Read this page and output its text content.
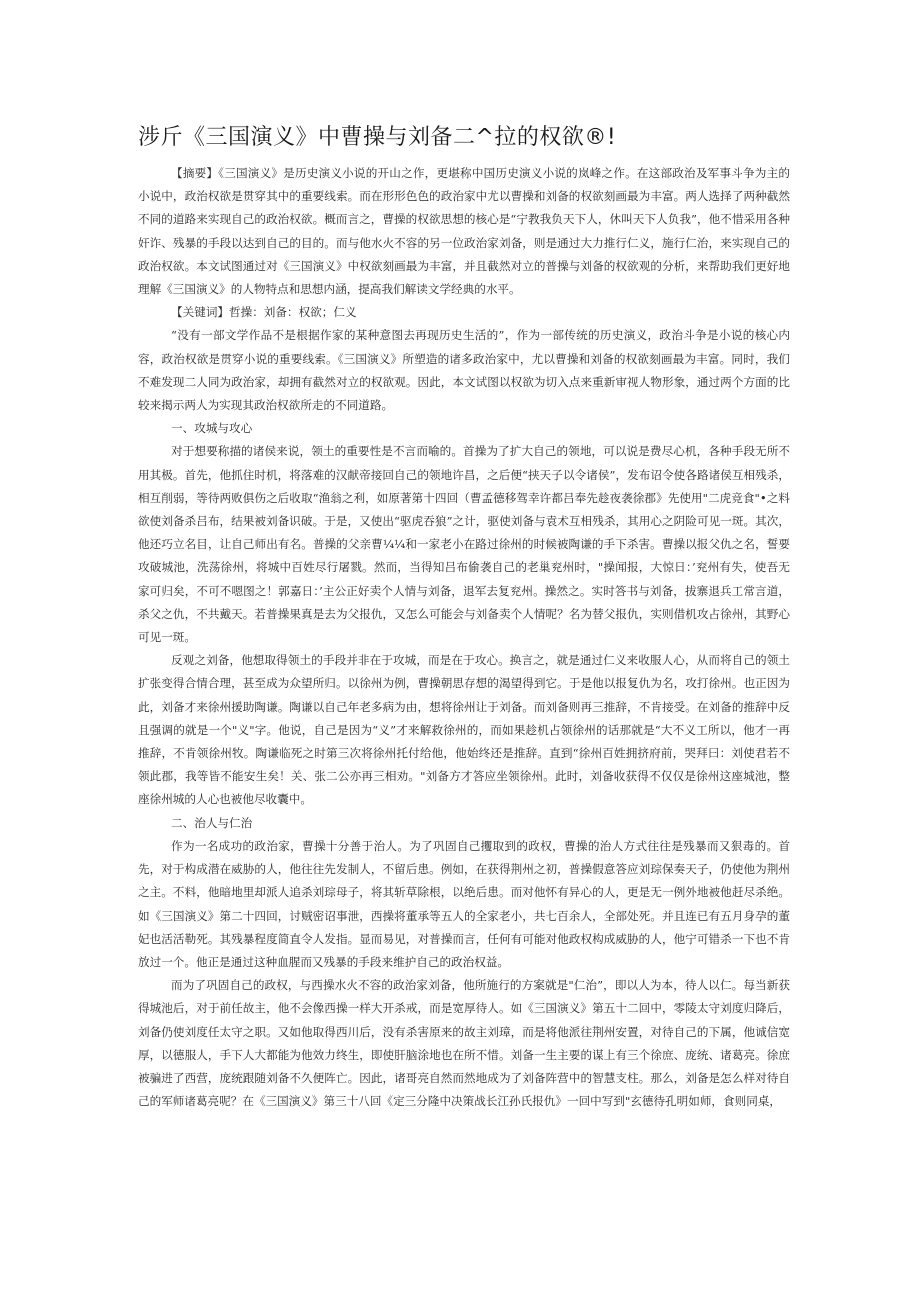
涉斤《三国演义》中曹操与刘备二^拉的权欲®!

【摘要】《三国演义》是历史演义小说的开山之作，更堪称中国历史演义小说的岚峰之作。在这部政治及军事斗争为主的小说中，政治权欲是贯穿其中的重要线索。而在形形色色的政治家中尤以曹操和刘备的权欲刻画最为丰富。两人选择了两种截然不同的道路来实现自己的政治权欲。概而言之，曹操的权欲思想的核心是“宁教我负天下人，休叫天下人负我”，他不惜采用各种奸诈、残暴的手段以达到自己的目的。而与他水火不容的另一位政治家刘备，则是通过大力推行仁义，施行仁治，来实现自己的政治权欲。本文试图通过对《三国演义》中权欲刻画最为丰富，并且截然对立的普操与刘备的权欲观的分析，来帮助我们更好地理解《三国演义》的人物特点和思想内涵，提高我们解读文学经典的水平。

【关键词】哲操：刘备：权欲；仁义

“没有一部文学作品不是根据作家的某种意图去再现历史生活的”，作为一部传统的历史演义，政治斗争是小说的核心内容，政治权欲是贯穿小说的重要线索。《三国演义》所塑造的诸多政治家中，尤以曹操和刘备的权欲刻画最为丰富。同时，我们不难发现二人同为政治家，却拥有截然对立的权欲观。因此，本文试图以权欲为切入点来重新审视人物形象，通过两个方面的比较来揭示两人为实现其政治权欲所走的不同道路。

一、攻城与攻心

对于想要称描的诸侯来说，领土的重要性是不言而喻的。首操为了扩大自己的领地，可以说是费尽心机，各种手段无所不用其极。首先，他抓住时机，将落难的汉献帝接回自己的领地许昌，之后便“挟天子以令诸侯”，发布诏令使各路诸侯互相残杀，相互削弱，等待两败俱伤之后收取“渔翁之利，如原著第十四回（曹孟德移驾幸许都吕奉先趁夜袭徐郡》先使用"二虎竞食"•之料欲使刘备杀吕布，结果被刘备识破。于是，又使出“驱虎吞狼”之计，驱使刘备与袁术互相残杀，其用心之阴险可见一斑。其次，他还巧立名目，让自己师出有名。普操的父亲曹¼¼和一家老小在路过徐州的时候被陶谦的手下杀害。曹操以报父仇之名，誓要攻破城池，洗荡徐州，将城中百姓尽行屠戮。然而，当得知吕布偷袭自己的老巢兖州时，"操闻报，大惊日：’兖州有失，使吾无家可归矣，不可不嗯图之！郭嘉日：’主公正好卖个人情与刘备，退军去复兖州。操然之。实时答书与刘备，拔寨退兵工常言道，杀父之仇，不共戴天。若普操果真是去为父报仇，又怎么可能会与刘备卖个人情呢？名为替父报仇，实则借机攻占徐州，其野心可见一斑。

反观之刘备，他想取得领土的手段并非在于攻城，而是在于攻心。换言之，就是通过仁义来收服人心，从而将自己的领土扩张变得合情合理，甚至成为众望所归。以徐州为例，曹操朝思存想的渴望得到它。于是他以报复仇为名，攻打徐州。也正因为此，刘备才来徐州援助陶谦。陶谦以自己年老多病为由，想将徐州让于刘备。而刘备则再三推辞，不肯接受。在刘备的推辞中反且强调的就是一个"义"字。他说，自己是因为“义”才来解救徐州的，而如果趁机占领徐州的话那就是“大不义工所以，他才一再推辞，不肯领徐州牧。陶谦临死之时第三次将徐州托付给他，他始终还是推辞。直到“徐州百姓拥挤府前，哭拜曰：刘使君若不领此郡，我等皆不能安生矣！关、张二公亦再三相劝。"刘备方才答应坐领徐州。此时，刘备收获得不仅仅是徐州这座城池，整座徐州城的人心也被他尽收囊中。

二、治人与仁治

作为一名成功的政治家，曹操十分善于治人。为了巩固自己攫取到的政权，曹操的治人方式往往是残暴而又狠毒的。首先，对于构成潜在威胁的人，他往往先发制人，不留后患。例如，在获得荆州之初，普操假意答应刘琮保奏天子，仍使他为荆州之主。不料，他暗地里却派人追杀刘琮母子，将其斩草除根，以绝后患。而对他怀有异心的人，更是无一例外地被他赶尽杀绝。如《三国演义》第二十四回，讨贼密诏事泄，西操将董承等五人的全家老小，共七百余人，全部处死。并且连已有五月身孕的董妃也活活勒死。其残暴程度简直令人发指。显而易见，对普操而言，任何有可能对他政权构成威胁的人，他宁可错杀一下也不肯放过一个。他正是通过这种血腥而又残暴的手段来维护自己的政治权益。

而为了巩固自己的政权，与西操水火不容的政治家刘备，他所施行的方案就是"仁治”，即以人为本，待人以仁。每当新获得城池后，对于前任故主，他不会像西操一样大开杀戒，而是宽厚待人。如《三国演义》第五十二回中，零陵太守刘度归降后，刘备仍使刘度任太守之职。又如他取得西川后，没有杀害原来的故主刘璋，而是将他派往荆州安置，对待自己的下属，他诚信宽厚，以德服人，手下人大都能为他效力终生，即使肝脑涂地也在所不惜。刘备一生主要的谋上有三个徐庶、庞统、诸葛亮。徐庶被骗进了西营，庞统跟随刘备不久便阵亡。因此，诸哥亮自然而然地成为了刘备阵营中的智慧支柱。那么，刘备是怎么样对待自己的军师诸葛亮呢？在《三国演义》第三十八回《定三分隆中决策战长江孙氏报仇》一回中写到"玄德待孔明如师，食则同桌，
